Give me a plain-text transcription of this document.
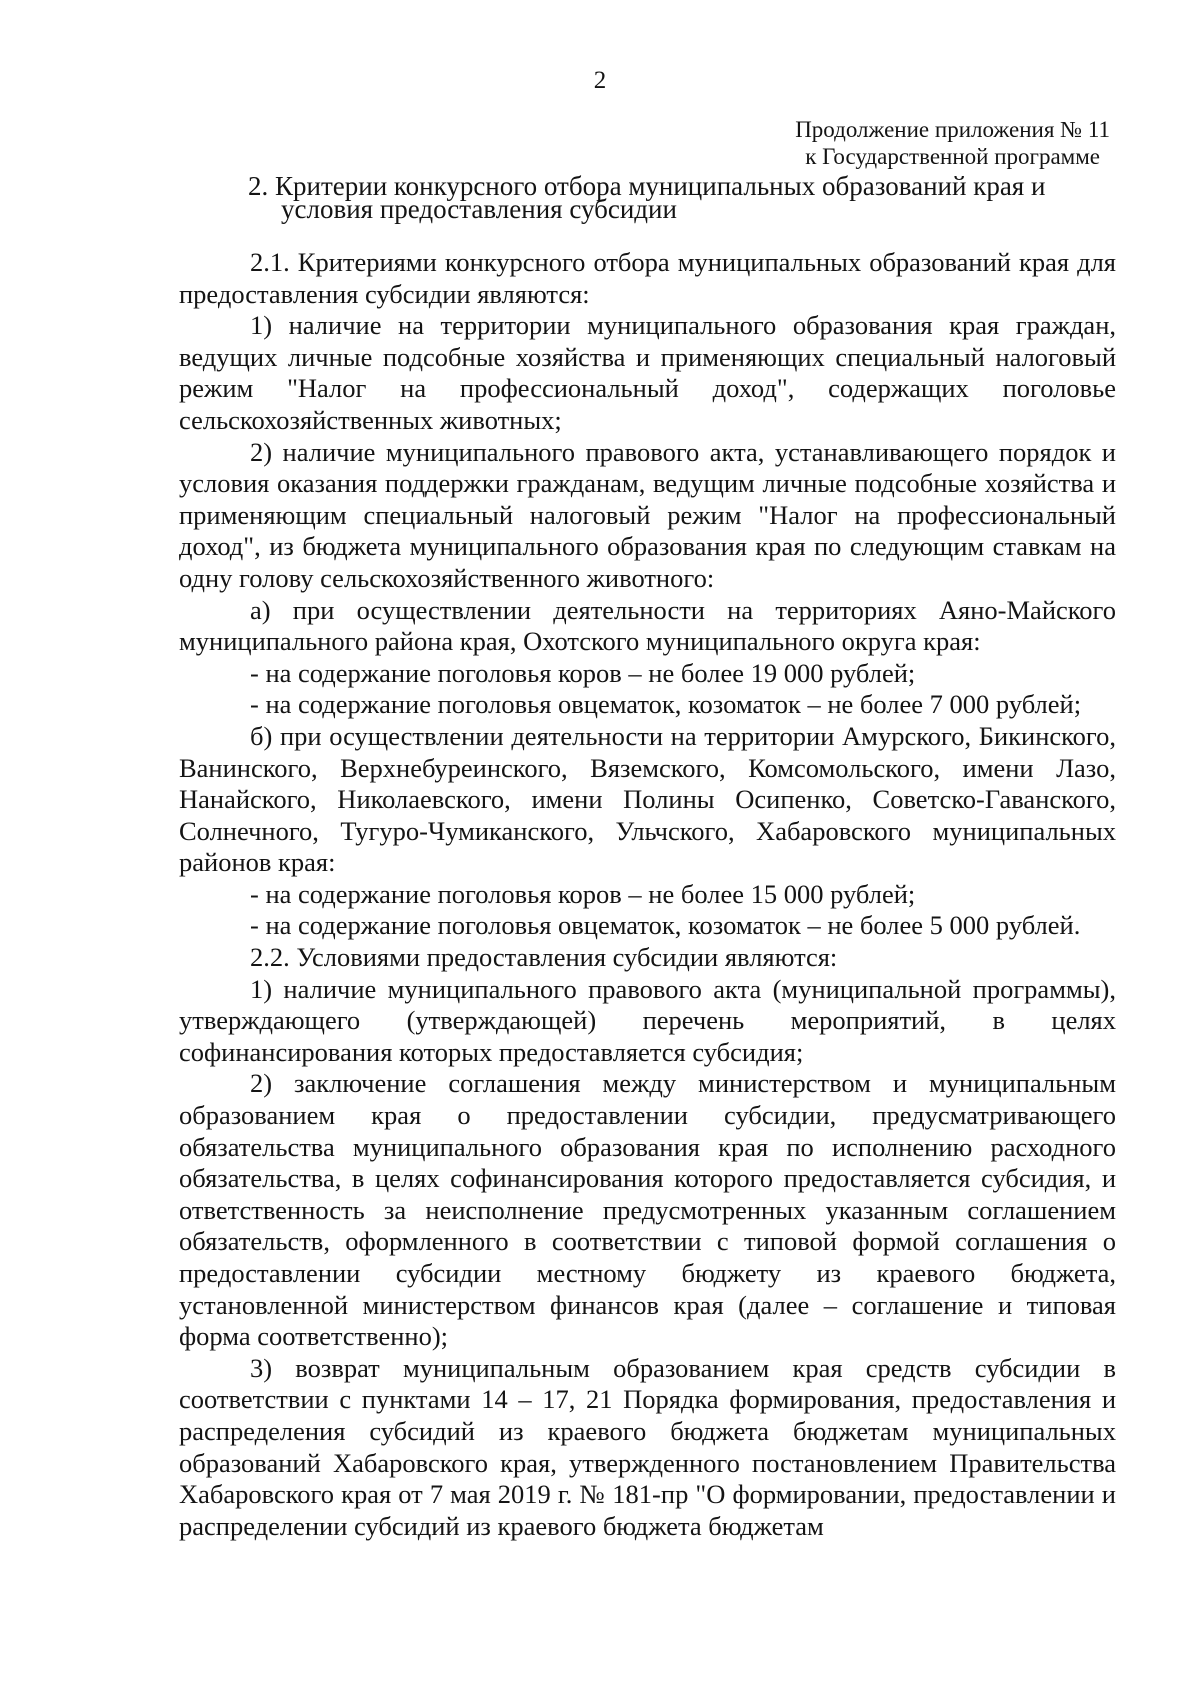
2
Продолжение приложения № 11
к Государственной программе
2. Критерии конкурсного отбора муниципальных образований края и
условия предоставления субсидии

2.1. Критериями конкурсного отбора муниципальных образований края для предоставления субсидии являются:

1) наличие на территории муниципального образования края граждан, ведущих личные подсобные хозяйства и применяющих специальный налоговый режим "Налог на профессиональный доход", содержащих поголовье сельскохозяйственных животных;

2) наличие муниципального правового акта, устанавливающего порядок и условия оказания поддержки гражданам, ведущим личные подсобные хозяйства и применяющим специальный налоговый режим "Налог на профессиональный доход", из бюджета муниципального образования края по следующим ставкам на одну голову сельскохозяйственного животного:

а) при осуществлении деятельности на территориях Аяно-Майского муниципального района края, Охотского муниципального округа края:

- на содержание поголовья коров – не более 19 000 рублей;

- на содержание поголовья овцематок, козоматок – не более 7 000 рублей;

б) при осуществлении деятельности на территории Амурского, Бикинского, Ванинского, Верхнебуреинского, Вяземского, Комсомольского, имени Лазо, Нанайского, Николаевского, имени Полины Осипенко, Советско-Гаванского, Солнечного, Тугуро-Чумиканского, Ульчского, Хабаровского муниципальных районов края:

- на содержание поголовья коров – не более 15 000 рублей;

- на содержание поголовья овцематок, козоматок – не более 5 000 рублей.

2.2. Условиями предоставления субсидии являются:

1) наличие муниципального правового акта (муниципальной программы), утверждающего (утверждающей) перечень мероприятий, в целях софинансирования которых предоставляется субсидия;

2) заключение соглашения между министерством и муниципальным образованием края о предоставлении субсидии, предусматривающего обязательства муниципального образования края по исполнению расходного обязательства, в целях софинансирования которого предоставляется субсидия, и ответственность за неисполнение предусмотренных указанным соглашением обязательств, оформленного в соответствии с типовой формой соглашения о предоставлении субсидии местному бюджету из краевого бюджета, установленной министерством финансов края (далее – соглашение и типовая форма соответственно);

3) возврат муниципальным образованием края средств субсидии в соответствии с пунктами 14 – 17, 21 Порядка формирования, предоставления и распределения субсидий из краевого бюджета бюджетам муниципальных образований Хабаровского края, утвержденного постановлением Правительства Хабаровского края от 7 мая 2019 г. № 181-пр "О формировании, предоставлении и распределении субсидий из краевого бюджета бюджетам
